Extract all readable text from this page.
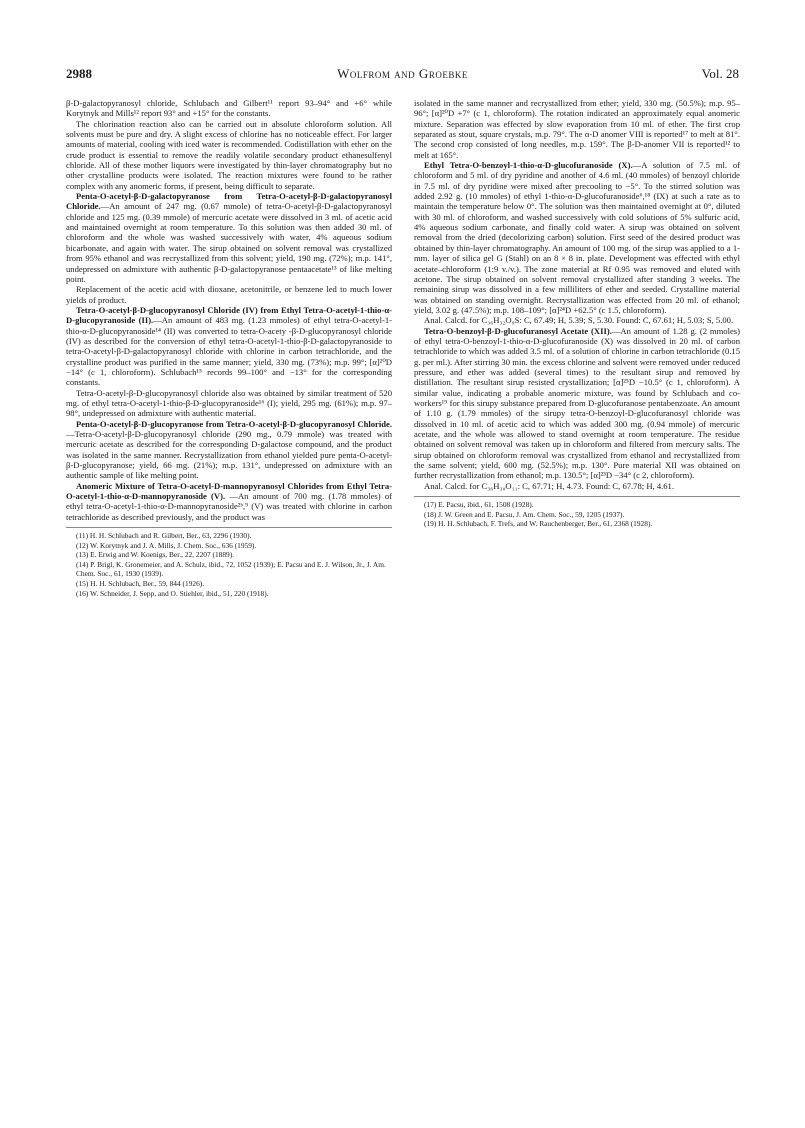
2988	Wolfrom and Groebke	Vol. 28

β-D-galactopyranosyl chloride, Schlubach and Gilbert¹¹ report 93–94° and +6° while Korytnyk and Mills¹² report 93° and +15° for the constants.

The chlorination reaction also can be carried out in absolute chloroform solution. All solvents must be pure and dry. A slight excess of chlorine has no noticeable effect. For larger amounts of material, cooling with iced water is recommended. Codistillation with ether on the crude product is essential to remove the readily volatile secondary product ethanesulfenyl chloride. All of these mother liquors were investigated by thin-layer chromatography but no other crystalline products were isolated. The reaction mixtures were found to be rather complex with any anomeric forms, if present, being difficult to separate.

Penta-O-acetyl-β-D-galactopyranose from Tetra-O-acetyl-β-D-galactopyranosyl Chloride.—An amount of 247 mg. (0.67 mmole) of tetra-O-acetyl-β-D-galactopyranosyl chloride and 125 mg. (0.39 mmole) of mercuric acetate were dissolved in 3 ml. of acetic acid and maintained overnight at room temperature. To this solution was then added 30 ml. of chloroform and the whole was washed successively with water, 4% aqueous sodium bicarbonate, and again with water. The sirup obtained on solvent removal was crystallized from 95% ethanol and was recrystallized from this solvent; yield, 190 mg. (72%); m.p. 141°, undepressed on admixture with authentic β-D-galactopyranose pentaacetate¹³ of like melting point.

Replacement of the acetic acid with dioxane, acetonitrile, or benzene led to much lower yields of product.

Tetra-O-acetyl-β-D-glucopyranosyl Chloride (IV) from Ethyl Tetra-O-acetyl-1-thio-α-D-glucopyranoside (II).—An amount of 483 mg. (1.23 mmoles) of ethyl tetra-O-acetyl-1-thio-α-D-glucopyranoside¹⁴ (II) was converted to tetra-O-acety -β-D-glucopyranosyl chloride (IV) as described for the conversion of ethyl tetra-O-acetyl-1-thio-β-D-galactopyranoside to tetra-O-acetyl-β-D-galactopyranosyl chloride with chlorine in carbon tetrachloride, and the crystalline product was purified in the same manner; yield, 330 mg. (73%); m.p. 99°; [α]²⁰D −14° (c 1, chloroform). Schlubach¹⁵ records 99–100° and −13° for the corresponding constants.

Tetra-O-acetyl-β-D-glucopyranosyl chloride also was obtained by similar treatment of 520 mg. of ethyl tetra-O-acetyl-1-thio-β-D-glucopyranoside¹⁶ (I); yield, 295 mg. (61%); m.p. 97–98°, undepressed on admixture with authentic material.

Penta-O-acetyl-β-D-glucopyranose from Tetra-O-acetyl-β-D-glucopyranosyl Chloride.—Tetra-O-acetyl-β-D-glucopyranosyl chloride (290 mg., 0.79 mmole) was treated with mercuric acetate as described for the corresponding D-galactose compound, and the product was isolated in the same manner. Recrystallization from ethanol yielded pure penta-O-acetyl-β-D-glucopyranose; yield, 66 mg. (21%); m.p. 131°, undepressed on admixture with an authentic sample of like melting point.

Anomeric Mixture of Tetra-O-acetyl-D-mannopyranosyl Chlorides from Ethyl Tetra-O-acetyl-1-thio-α-D-mannopyranoside (V). —An amount of 700 mg. (1.78 mmoles) of ethyl tetra-O-acetyl-1-thio-α-D-mannopyranoside²ᵇ,⁹ (V) was treated with chlorine in carbon tetrachloride as described previously, and the product was

(11) H. H. Schlubach and R. Gilbert, Ber., 63, 2296 (1930).
(12) W. Korytnyk and J. A. Mills, J. Chem. Soc., 636 (1959).
(13) E. Erwig and W. Koenigs, Ber., 22, 2207 (1889).
(14) P. Brigl, K. Gronemeier, and A. Schulz, ibid., 72, 1052 (1939); E. Pacsu and E. J. Wilson, Jr., J. Am. Chem. Soc., 61, 1930 (1939).
(15) H. H. Schlubach, Ber., 59, 844 (1926).
(16) W. Schneider, J. Sepp, and O. Stiehler, ibid., 51, 220 (1918).

isolated in the same manner and recrystallized from ether; yield, 330 mg. (50.5%); m.p. 95–96°; [α]²⁰D +7° (c 1, chloroform). The rotation indicated an approximately equal anomeric mixture. Separation was effected by slow evaporation from 10 ml. of ether. The first crop separated as stout, square crystals, m.p. 79°. The α-D anomer VIII is reported¹⁷ to melt at 81°. The second crop consisted of long needles, m.p. 159°. The β-D-anomer VII is reported¹² to melt at 165°.

Ethyl Tetra-O-benzoyl-1-thio-α-D-glucofuranoside (X).—A solution of 7.5 ml. of chloroform and 5 ml. of dry pyridine and another of 4.6 ml. (40 mmoles) of benzoyl chloride in 7.5 ml. of dry pyridine were mixed after precooling to −5°. To the stirred solution was added 2.92 g. (10 mmoles) of ethyl 1-thio-α-D-glucofuranoside⁶,¹⁸ (IX) at such a rate as to maintain the temperature below 0°. The solution was then maintained overnight at 0°, diluted with 30 ml. of chloroform, and washed successively with cold solutions of 5% sulfuric acid, 4% aqueous sodium carbonate, and finally cold water. A sirup was obtained on solvent removal from the dried (decolorizing carbon) solution. First seed of the desired product was obtained by thin-layer chromatography. An amount of 100 mg. of the sirup was applied to a 1-mm. layer of silica gel G (Stahl) on an 8 × 8 in. plate. Development was effected with ethyl acetate–chloroform (1:9 v./v.). The zone material at Rf 0.95 was removed and eluted with acetone. The sirup obtained on solvent removal crystallized after standing 3 weeks. The remaining sirup was dissolved in a few milliliters of ether and seeded. Crystalline material was obtained on standing overnight. Recrystallization was effected from 20 ml. of ethanol; yield, 3.02 g. (47.5%); m.p. 108–109°; [α]²⁴D +62.5° (c 1.5, chloroform).

Anal. Calcd. for C₃₆H₃₂O₉S: C, 67.49; H, 5.39; S, 5.30. Found: C, 67.61; H, 5.03; S, 5.00.

Tetra-O-benzoyl-β-D-glucofuranosyl Acetate (XII).—An amount of 1.28 g. (2 mmoles) of ethyl tetra-O-benzoyl-1-thio-α-D-glucofuranoside (X) was dissolved in 20 ml. of carbon tetrachloride to which was added 3.5 ml. of a solution of chlorine in carbon tetrachloride (0.15 g. per ml.). After stirring 30 min. the excess chlorine and solvent were removed under reduced pressure, and ether was added (several times) to the resultant sirup and removed by distillation. The resultant sirup resisted crystallization; [α]²⁵D −10.5° (c 1, chloroform). A similar value, indicating a probable anomeric mixture, was found by Schlubach and co-workers¹⁹ for this sirupy substance prepared from D-glucofuranose pentabenzoate. An amount of 1.10 g. (1.79 mmoles) of the sirupy tetra-O-benzoyl-D-glucofuranosyl chloride was dissolved in 10 ml. of acetic acid to which was added 300 mg. (0.94 mmole) of mercuric acetate, and the whole was allowed to stand overnight at room temperature. The residue obtained on solvent removal was taken up in chloroform and filtered from mercury salts. The sirup obtained on chloroform removal was crystallized from ethanol and recrystallized from the same solvent; yield, 600 mg. (52.5%); m.p. 130°. Pure material XII was obtained on further recrystallization from ethanol; m.p. 130.5°; [α]²³D −34° (c 2, chloroform).

Anal. Calcd. for C₃₆H₃₀O₁₁: C, 67.71; H, 4.73. Found: C, 67.78; H, 4.61.

(17) E. Pacsu, ibid., 61, 1508 (1928).
(18) J. W. Green and E. Pacsu, J. Am. Chem. Soc., 59, 1205 (1937).
(19) H. H. Schlubach, F. Trefs, and W. Rauchenberger, Ber., 61, 2368 (1928).
